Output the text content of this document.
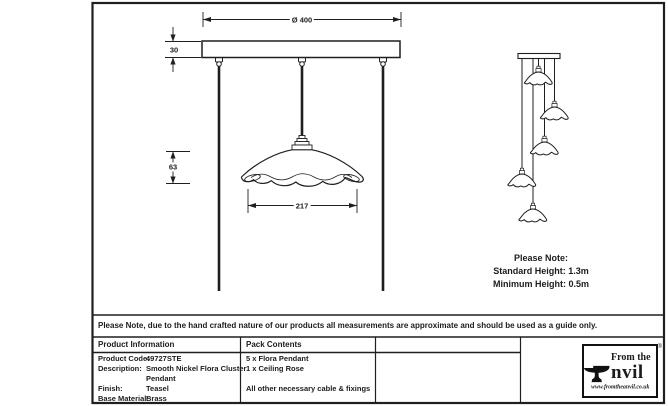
Ø 400
30
63
217
Please Note:
Standard Height: 1.3m
Minimum Height: 0.5m
Please Note, due to the hand crafted nature of our products all measurements are approximate and should be used as a guide only.
Product Information	Pack Contents
Product Code:49727STE
Description: Smooth Nickel Flora Cluster
Pendant
Finish:	Teasel
Base Material:Brass
5 x Flora Pendant
1 x Ceiling Rose
All other necessary cable & fixings
From the nvil
®
www.fromtheanvil.co.uk
